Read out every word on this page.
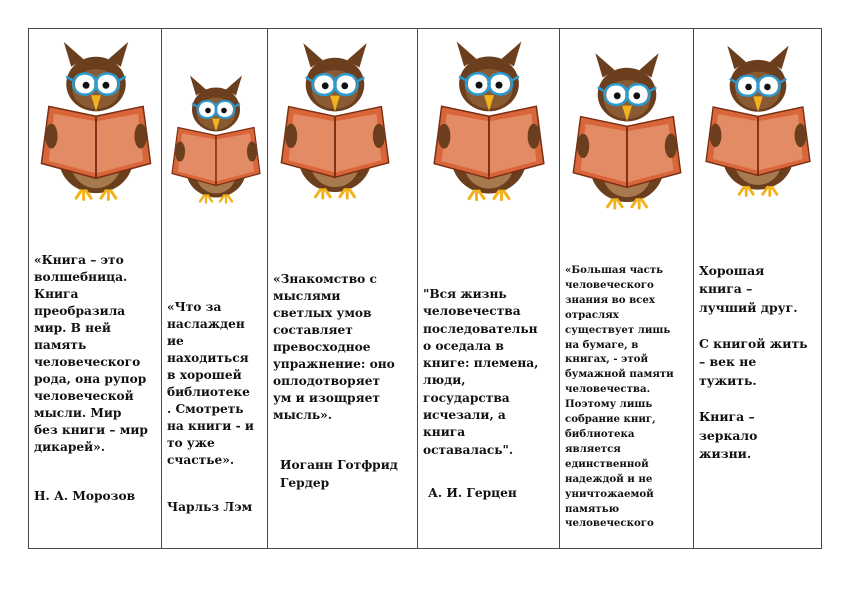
«Книга – это
волшебница.
Книга
преобразила
мир. В ней
память
человеческого
рода, она рупор
человеческой
мысли. Мир
без книги – мир
дикарей».
Н. А. Морозов
«Что за
наслажден
ие
находиться
в хорошей
библиотеке
. Смотреть
на книги - и
то уже
счастье».
Чарльз Лэм
«Знакомство с
мыслями
светлых умов
составляет
превосходное
упражнение: оно
оплодотворяет
ум и изощряет
мысль».
Иоганн Готфрид
Гердер
"Вся жизнь
человечества
последовательн
о оседала в
книге: племена,
люди,
государства
исчезали, а
книга
оставалась".
А. И. Герцен
«Большая часть
человеческого
знания во всех
отраслях
существует лишь
на бумаге, в
книгах, - этой
бумажной памяти
человечества.
Поэтому лишь
собрание книг,
библиотека
является
единственной
надеждой и не
уничтожаемой
памятью
человеческого
Хорошая
книга –
лучший друг.

С книгой жить
– век не
тужить.

Книга –
зеркало
жизни.
